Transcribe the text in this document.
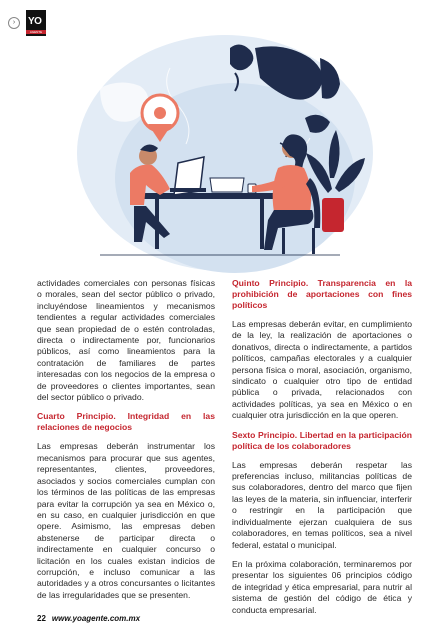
›	YO
AGENTE

actividades comerciales con personas físicas o morales, sean del sector público o privado, incluyéndose lineamientos y mecanismos tendientes a regular actividades comerciales que sean propiedad de o estén controladas, directa o indirectamente por, funcionarios públicos, así como lineamientos para la contratación de familiares de partes interesadas con los negocios de la empresa o de proveedores o clientes importantes, sean del sector público o privado.

Cuarto Principio. Integridad en las relaciones de negocios

Las empresas deberán instrumentar los mecanismos para procurar que sus agentes, representantes, clientes, proveedores, asociados y socios comerciales cumplan con los términos de las políticas de las empresas para evitar la corrupción ya sea en México o, en su caso, en cualquier jurisdicción en que opere. Asimismo, las empresas deben abstenerse de participar directa o indirectamente en cualquier concurso o licitación en los cuales existan indicios de corrupción, e incluso comunicar a las autoridades y a otros concursantes o licitantes de las irregularidades que se presenten.

Quinto Principio. Transparencia en la prohibición de aportaciones con fines políticos

Las empresas deberán evitar, en cumplimiento de la ley, la realización de aportaciones o donativos, directa o indirectamente, a partidos políticos, campañas electorales y a cualquier persona física o moral, asociación, organismo, sindicato o cualquier otro tipo de entidad pública o privada, relacionados con actividades políticas, ya sea en México o en cualquier otra jurisdicción en la que operen.

Sexto Principio. Libertad en la participación política de los colaboradores

Las empresas deberán respetar las preferencias incluso, militancias políticas de sus colaboradores, dentro del marco que fijen las leyes de la materia, sin influenciar, interferir o restringir en la participación que individualmente ejerzan cualquiera de sus colaboradores, en temas políticos, sea a nivel federal, estatal o municipal.

En la próxima colaboración, terminaremos por presentar los siguientes 06 principios código de integridad y ética empresarial, para nutrir al sistema de gestión del código de ética y conducta empresarial.

22 www.yoagente.com.mx
